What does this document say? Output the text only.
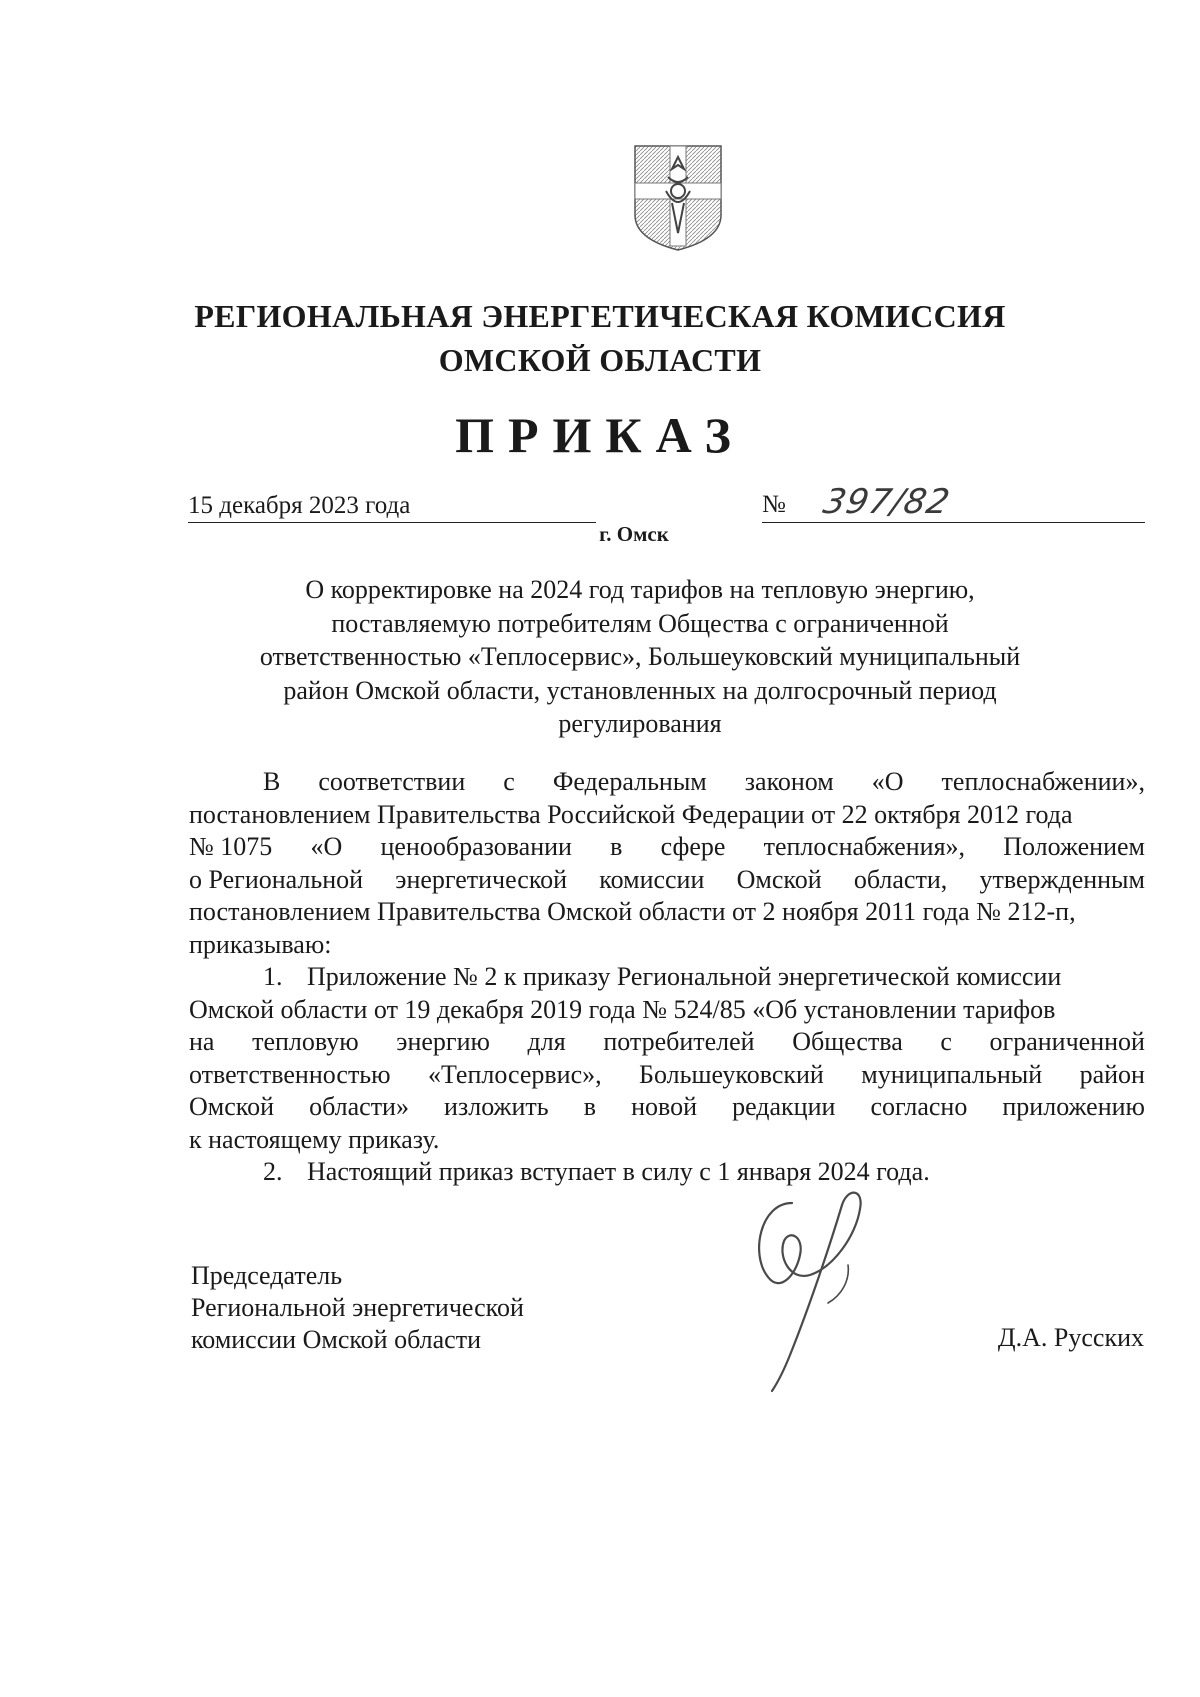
РЕГИОНАЛЬНАЯ ЭНЕРГЕТИЧЕСКАЯ КОМИССИЯ
ОМСКОЙ ОБЛАСТИ
ПРИКАЗ
15 декабря 2023 года	№ 397/82
г. Омск
О корректировке на 2024 год тарифов на тепловую энергию,
поставляемую потребителям Общества с ограниченной
ответственностью «Теплосервис», Большеуковский муниципальный
район Омской области, установленных на долгосрочный период
регулирования
В соответствии с Федеральным законом «О теплоснабжении»,
постановлением Правительства Российской Федерации от 22 октября 2012 года
№ 1075 «О ценообразовании в сфере теплоснабжения», Положением
о Региональной энергетической комиссии Омской области, утвержденным
постановлением Правительства Омской области от 2 ноября 2011 года № 212-п,
приказываю:
1. Приложение № 2 к приказу Региональной энергетической комиссии
Омской области от 19 декабря 2019 года № 524/85 «Об установлении тарифов
на тепловую энергию для потребителей Общества с ограниченной
ответственностью «Теплосервис», Большеуковский муниципальный район
Омской области» изложить в новой редакции согласно приложению
к настоящему приказу.
2. Настоящий приказ вступает в силу с 1 января 2024 года.
Председатель
Региональной энергетической
комиссии Омской области	Д.А. Русских
